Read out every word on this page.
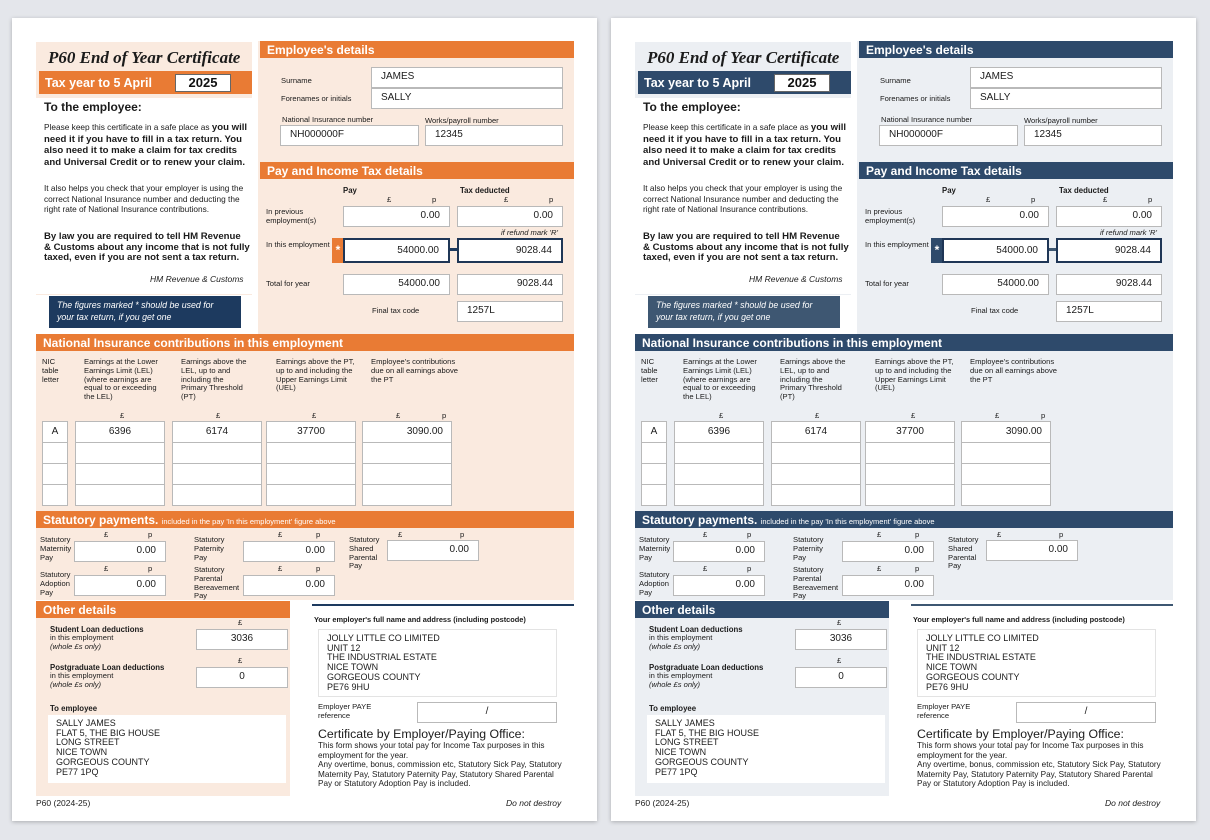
P60 End of Year Certificate
Tax year to 5 April	2025
To the employee:
Please keep this certificate in a safe place as you will need it if you have to fill in a tax return. You also need it to make a claim for tax credits and Universal Credit or to renew your claim.
It also helps you check that your employer is using the correct National Insurance number and deducting the right rate of National Insurance contributions.
By law you are required to tell HM Revenue & Customs about any income that is not fully taxed, even if you are not sent a tax return.
HM Revenue & Customs
The figures marked * should be used for your tax return, if you get one
Employee's details
Surname	JAMES
Forenames or initials	SALLY
National Insurance number
NH000000F
Works/payroll number
12345
Pay and Income Tax details
Pay	Tax deducted
£	p	£	p
In previous employment(s)	0.00	0.00
if refund mark 'R'
In this employment *	54000.00	9028.44
Total for year	54000.00	9028.44
Final tax code	1257L
National Insurance contributions in this employment
NIC table letter
Earnings at the Lower Earnings Limit (LEL) (where earnings are equal to or exceeding the LEL)
Earnings above the LEL, up to and including the Primary Threshold (PT)
Earnings above the PT, up to and including the Upper Earnings Limit (UEL)
Employee's contributions due on all earnings above the PT
£	£	£	£	p
A	6396	6174	37700	3090.00
Statutory payments. included in the pay 'In this employment' figure above
Statutory Maternity Pay
£	p
0.00
Statutory Paternity Pay
£	p
0.00
Statutory Shared Parental Pay
£	p
0.00
Statutory Adoption Pay
£	p
0.00
Statutory Parental Bereavement Pay
£	p
0.00
Other details
Student Loan deductions
in this employment
(whole £s only)
£
3036
Postgraduate Loan deductions
in this employment
(whole £s only)
£
0
To employee
SALLY JAMES
FLAT 5, THE BIG HOUSE
LONG STREET
NICE TOWN
GORGEOUS COUNTY
PE77 1PQ
Your employer's full name and address (including postcode)
JOLLY LITTLE CO LIMITED
UNIT 12
THE INDUSTRIAL ESTATE
NICE TOWN
GORGEOUS COUNTY
PE76 9HU
Employer PAYE reference	/
Certificate by Employer/Paying Office:
This form shows your total pay for Income Tax purposes in this employment for the year.
Any overtime, bonus, commission etc, Statutory Sick Pay, Statutory Maternity Pay, Statutory Paternity Pay, Statutory Shared Parental Pay or Statutory Adoption Pay is included.
P60 (2024-25)	Do not destroy
P60 End of Year Certificate
Tax year to 5 April	2025
To the employee:
Please keep this certificate in a safe place as you will need it if you have to fill in a tax return. You also need it to make a claim for tax credits and Universal Credit or to renew your claim.
It also helps you check that your employer is using the correct National Insurance number and deducting the right rate of National Insurance contributions.
By law you are required to tell HM Revenue & Customs about any income that is not fully taxed, even if you are not sent a tax return.
HM Revenue & Customs
The figures marked * should be used for your tax return, if you get one
Employee's details
Surname	JAMES
Forenames or initials	SALLY
National Insurance number
NH000000F
Works/payroll number
12345
Pay and Income Tax details
Pay	Tax deducted
£	p	£	p
In previous employment(s)	0.00	0.00
if refund mark 'R'
In this employment *	54000.00	9028.44
Total for year	54000.00	9028.44
Final tax code	1257L
National Insurance contributions in this employment
NIC table letter
Earnings at the Lower Earnings Limit (LEL) (where earnings are equal to or exceeding the LEL)
Earnings above the LEL, up to and including the Primary Threshold (PT)
Earnings above the PT, up to and including the Upper Earnings Limit (UEL)
Employee's contributions due on all earnings above the PT
£	£	£	£	p
A	6396	6174	37700	3090.00
Statutory payments. included in the pay 'In this employment' figure above
Statutory Maternity Pay
£	p
0.00
Statutory Paternity Pay
£	p
0.00
Statutory Shared Parental Pay
£	p
0.00
Statutory Adoption Pay
£	p
0.00
Statutory Parental Bereavement Pay
£	p
0.00
Other details
Student Loan deductions
in this employment
(whole £s only)
£
3036
Postgraduate Loan deductions
in this employment
(whole £s only)
£
0
To employee
SALLY JAMES
FLAT 5, THE BIG HOUSE
LONG STREET
NICE TOWN
GORGEOUS COUNTY
PE77 1PQ
Your employer's full name and address (including postcode)
JOLLY LITTLE CO LIMITED
UNIT 12
THE INDUSTRIAL ESTATE
NICE TOWN
GORGEOUS COUNTY
PE76 9HU
Employer PAYE reference	/
Certificate by Employer/Paying Office:
This form shows your total pay for Income Tax purposes in this employment for the year.
Any overtime, bonus, commission etc, Statutory Sick Pay, Statutory Maternity Pay, Statutory Paternity Pay, Statutory Shared Parental Pay or Statutory Adoption Pay is included.
P60 (2024-25)	Do not destroy
